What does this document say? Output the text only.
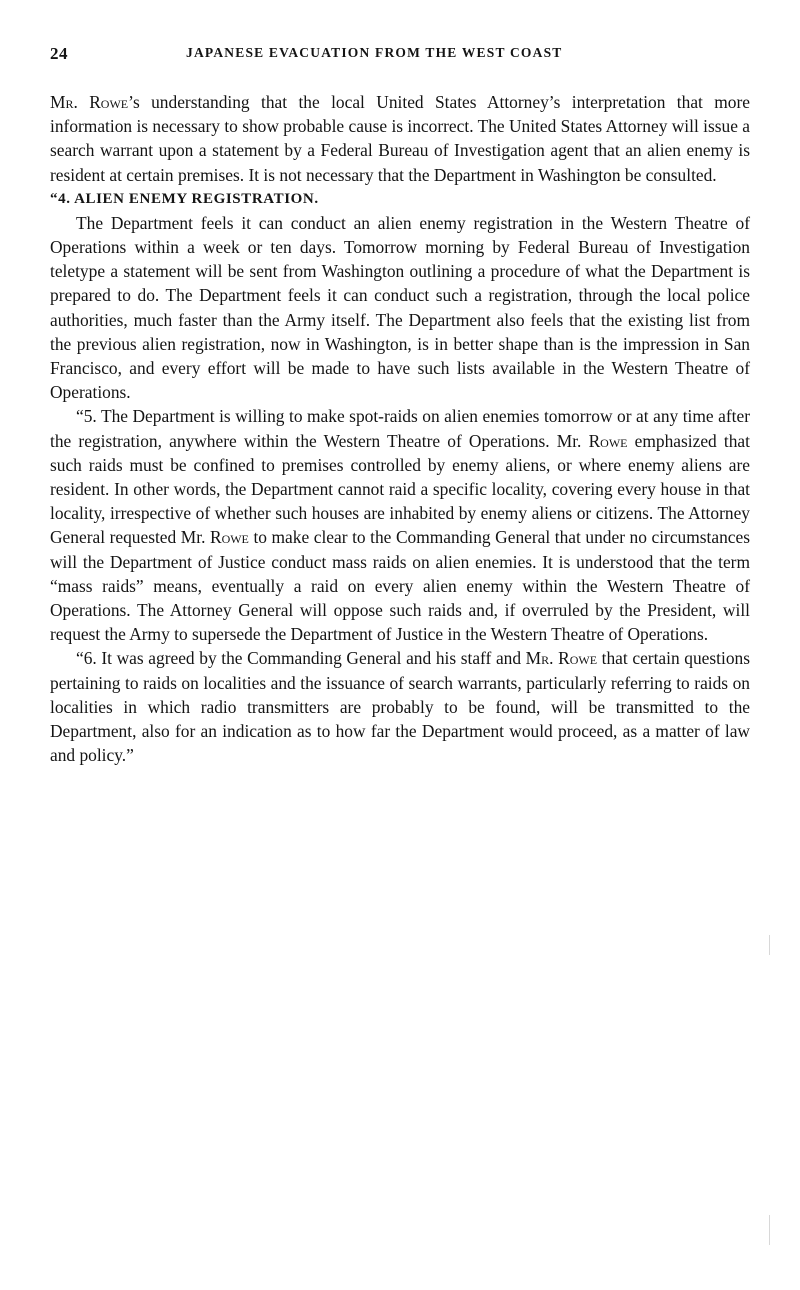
24	JAPANESE EVACUATION FROM THE WEST COAST

Mr. Rowe’s understanding that the local United States Attorney’s interpretation that more information is necessary to show probable cause is incorrect. The United States Attorney will issue a search warrant upon a statement by a Federal Bureau of Investigation agent that an alien enemy is resident at certain premises. It is not necessary that the Department in Washington be consulted.

“4. ALIEN ENEMY REGISTRATION.

The Department feels it can conduct an alien enemy registration in the Western Theatre of Operations within a week or ten days. Tomorrow morning by Federal Bureau of Investigation teletype a statement will be sent from Washington outlining a procedure of what the Department is prepared to do. The Department feels it can conduct such a registration, through the local police authorities, much faster than the Army itself. The Department also feels that the existing list from the previous alien registration, now in Washington, is in better shape than is the impression in San Francisco, and every effort will be made to have such lists available in the Western Theatre of Operations.

“5. The Department is willing to make spot-raids on alien enemies tomorrow or at any time after the registration, anywhere within the Western Theatre of Operations. Mr. Rowe emphasized that such raids must be confined to premises controlled by enemy aliens, or where enemy aliens are resident. In other words, the Department cannot raid a specific locality, covering every house in that locality, irrespective of whether such houses are inhabited by enemy aliens or citizens. The Attorney General requested Mr. Rowe to make clear to the Commanding General that under no circumstances will the Department of Justice conduct mass raids on alien enemies. It is understood that the term “mass raids” means, eventually a raid on every alien enemy within the Western Theatre of Operations. The Attorney General will oppose such raids and, if overruled by the President, will request the Army to supersede the Department of Justice in the Western Theatre of Operations.

“6. It was agreed by the Commanding General and his staff and Mr. Rowe that certain questions pertaining to raids on localities and the issuance of search warrants, particularly referring to raids on localities in which radio transmitters are probably to be found, will be transmitted to the Department, also for an indication as to how far the Department would proceed, as a matter of law and policy.”
